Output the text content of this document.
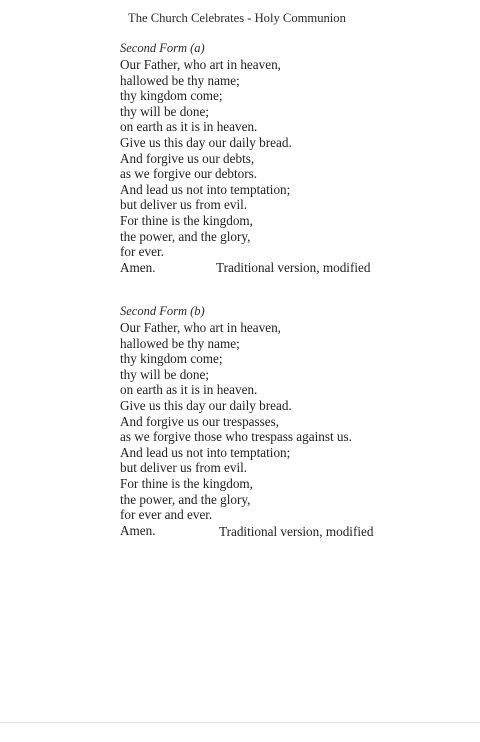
The Church Celebrates - Holy Communion
Second Form (a)
Our Father, who art in heaven,
hallowed be thy name;
thy kingdom come;
thy will be done;
on earth as it is in heaven.
Give us this day our daily bread.
And forgive us our debts,
as we forgive our debtors.
And lead us not into temptation;
but deliver us from evil.
For thine is the kingdom,
the power, and the glory,
for ever.
Amen.	Traditional version, modified
Second Form (b)
Our Father, who art in heaven,
hallowed be thy name;
thy kingdom come;
thy will be done;
on earth as it is in heaven.
Give us this day our daily bread.
And forgive us our trespasses,
as we forgive those who trespass against us.
And lead us not into temptation;
but deliver us from evil.
For thine is the kingdom,
the power, and the glory,
for ever and ever.
Amen.	Traditional version, modified
